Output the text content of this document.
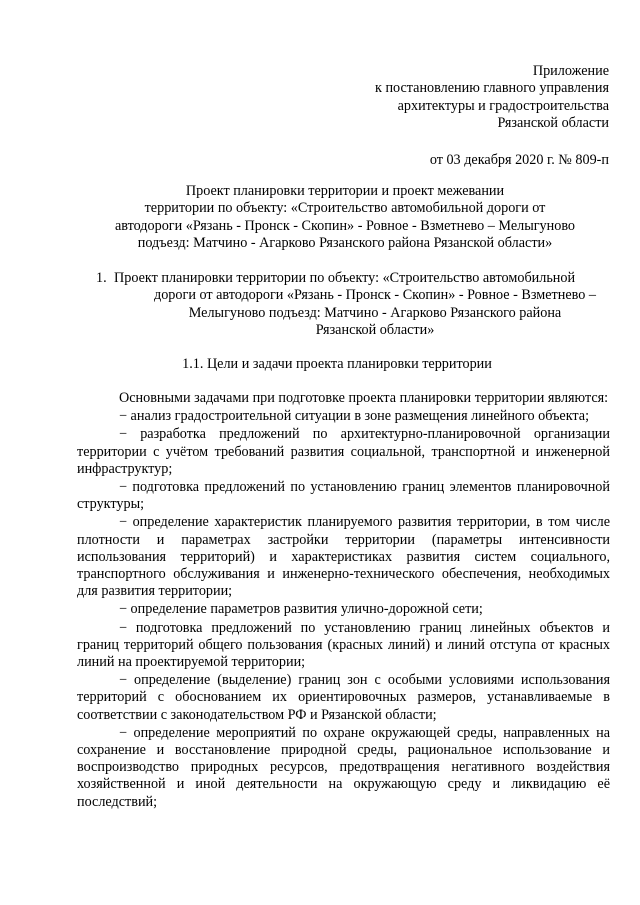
Приложение
к постановлению главного управления
архитектуры и градостроительства
Рязанской области
от 03 декабря 2020 г. № 809-п
Проект планировки территории и проект межевании
территории по объекту: «Строительство автомобильной дороги от
автодороги «Рязань - Пронск - Скопин» - Ровное - Взметнево – Мелыгуново
подъезд: Матчино - Агарково Рязанского района Рязанской области»
1. Проект планировки территории по объекту: «Строительство автомобильной
дороги от автодороги «Рязань - Пронск - Скопин» - Ровное - Взметнево –
Мелыгуново подъезд: Матчино - Агарково Рязанского района
Рязанской области»
1.1. Цели и задачи проекта планировки территории

Основными задачами при подготовке проекта планировки территории являются:

− анализ градостроительной ситуации в зоне размещения линейного объекта;

− разработка предложений по архитектурно-планировочной организации территории с учётом требований развития социальной, транспортной и инженерной инфраструктур;

− подготовка предложений по установлению границ элементов планировочной структуры;

− определение характеристик планируемого развития территории, в том числе плотности и параметрах застройки территории (параметры интенсивности использования территорий) и характеристиках развития систем социального, транспортного обслуживания и инженерно-технического обеспечения, необходимых для развития территории;

− определение параметров развития улично-дорожной сети;

− подготовка предложений по установлению границ линейных объектов и границ территорий общего пользования (красных линий) и линий отступа от красных линий на проектируемой территории;

− определение (выделение) границ зон с особыми условиями использования территорий с обоснованием их ориентировочных размеров, устанавливаемые в соответствии с законодательством РФ и Рязанской области;

− определение мероприятий по охране окружающей среды, направленных на сохранение и восстановление природной среды, рациональное использование и воспроизводство природных ресурсов, предотвращения негативного воздействия хозяйственной и иной деятельности на окружающую среду и ликвидацию её последствий;
